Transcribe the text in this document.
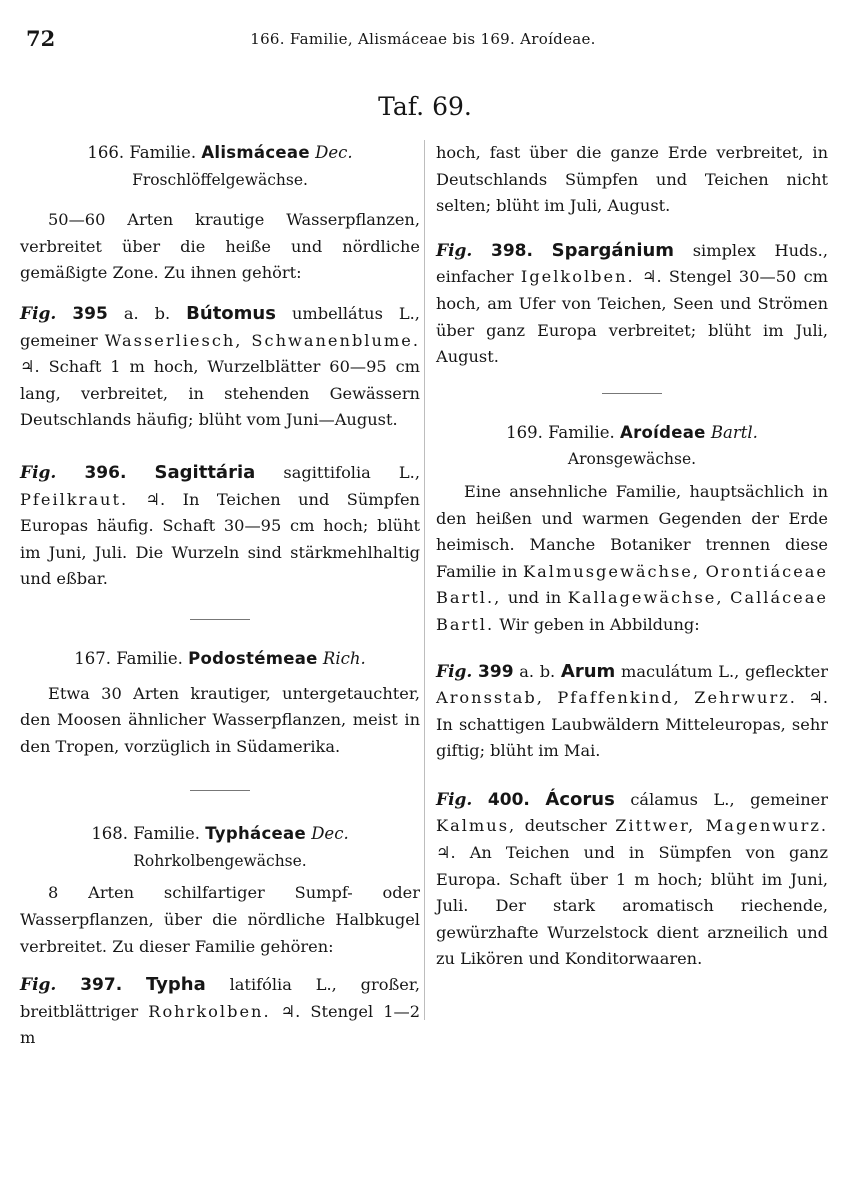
72	166. Familie, Alismáceae bis 169. Aroídeae.
Taf. 69.

166. Familie. Alismáceae Dec.

Froschlöffelgewächse.

50—60 Arten krautige Wasserpflanzen, verbreitet über die heiße und nördliche gemäßigte Zone. Zu ihnen gehört:

Fig. 395 a. b. Bútomus umbellátus L., gemeiner Wasserliesch, Schwanenblume. ♃. Schaft 1 m hoch, Wurzelblätter 60—95 cm lang, verbreitet, in stehenden Gewässern Deutschlands häufig; blüht vom Juni—August.

Fig. 396. Sagittária sagittifolia L., Pfeilkraut. ♃. In Teichen und Sümpfen Europas häufig. Schaft 30—95 cm hoch; blüht im Juni, Juli. Die Wurzeln sind stärkmehlhaltig und eßbar.

167. Familie. Podostémeae Rich.

Etwa 30 Arten krautiger, untergetauchter, den Moosen ähnlicher Wasserpflanzen, meist in den Tropen, vorzüglich in Südamerika.

168. Familie. Typháceae Dec.

Rohrkolbengewächse.

8 Arten schilfartiger Sumpf- oder Wasserpflanzen, über die nördliche Halbkugel verbreitet. Zu dieser Familie gehören:

Fig. 397. Typha latifólia L., großer, breitblättriger Rohrkolben. ♃. Stengel 1—2 m

hoch, fast über die ganze Erde verbreitet, in Deutschlands Sümpfen und Teichen nicht selten; blüht im Juli, August.

Fig. 398. Spargánium simplex Huds., einfacher Igelkolben. ♃. Stengel 30—50 cm hoch, am Ufer von Teichen, Seen und Strömen über ganz Europa verbreitet; blüht im Juli, August.

169. Familie. Aroídeae Bartl.

Aronsgewächse.

Eine ansehnliche Familie, hauptsächlich in den heißen und warmen Gegenden der Erde heimisch. Manche Botaniker trennen diese Familie in Kalmusgewächse, Orontiáceae Bartl., und in Kallagewächse, Calláceae Bartl. Wir geben in Abbildung:

Fig. 399 a. b. Arum maculátum L., gefleckter Aronsstab, Pfaffenkind, Zehrwurz. ♃. In schattigen Laubwäldern Mitteleuropas, sehr giftig; blüht im Mai.

Fig. 400. Ácorus cálamus L., gemeiner Kalmus, deutscher Zittwer, Magenwurz. ♃. An Teichen und in Sümpfen von ganz Europa. Schaft über 1 m hoch; blüht im Juni, Juli. Der stark aromatisch riechende, gewürzhafte Wurzelstock dient arzneilich und zu Likören und Konditorwaaren.
